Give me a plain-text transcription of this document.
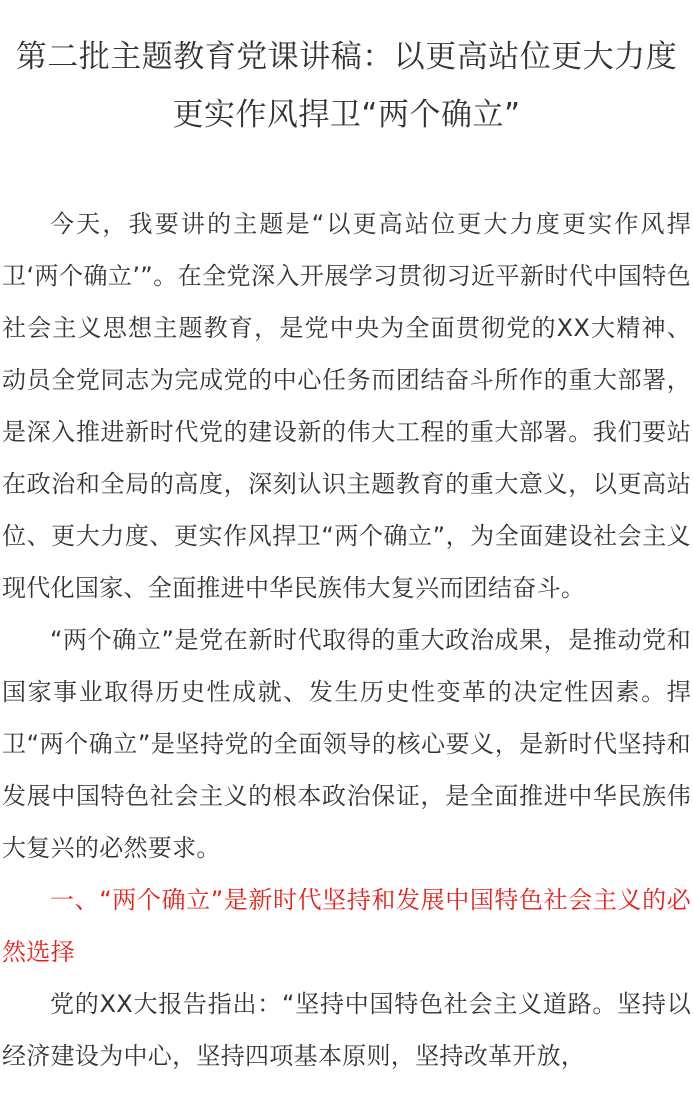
第二批主题教育党课讲稿：以更高站位更大力度更实作风捍卫“两个确立”

今天，我要讲的主题是“以更高站位更大力度更实作风捍卫‘两个确立’”。在全党深入开展学习贯彻习近平新时代中国特色社会主义思想主题教育，是党中央为全面贯彻党的XX大精神、动员全党同志为完成党的中心任务而团结奋斗所作的重大部署，是深入推进新时代党的建设新的伟大工程的重大部署。我们要站在政治和全局的高度，深刻认识主题教育的重大意义，以更高站位、更大力度、更实作风捍卫“两个确立”，为全面建设社会主义现代化国家、全面推进中华民族伟大复兴而团结奋斗。

“两个确立”是党在新时代取得的重大政治成果，是推动党和国家事业取得历史性成就、发生历史性变革的决定性因素。捍卫“两个确立”是坚持党的全面领导的核心要义，是新时代坚持和发展中国特色社会主义的根本政治保证，是全面推进中华民族伟大复兴的必然要求。

一、“两个确立”是新时代坚持和发展中国特色社会主义的必然选择

党的XX大报告指出：“坚持中国特色社会主义道路。坚持以经济建设为中心，坚持四项基本原则，坚持改革开放，
